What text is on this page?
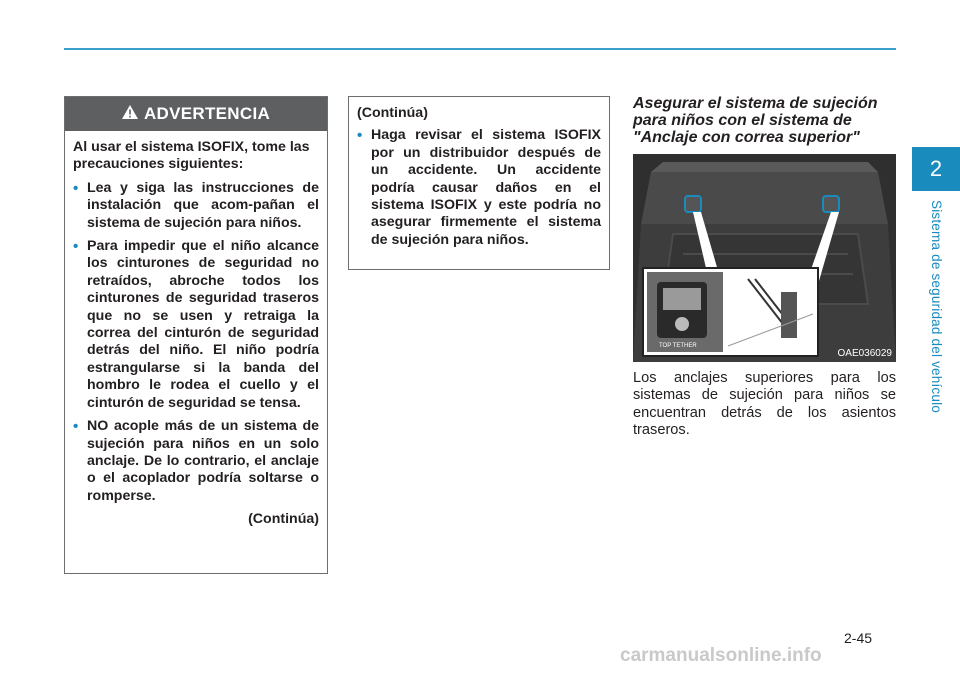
2
Sistema de seguridad del vehículo
ADVERTENCIA

Al usar el sistema ISOFIX, tome las precauciones siguientes:

• Lea y siga las instrucciones de instalación que acom-pañan el sistema de sujeción para niños.
• Para impedir que el niño alcance los cinturones de seguridad no retraídos, abroche todos los cinturones de seguridad traseros que no se usen y retraiga la correa del cinturón de seguridad detrás del niño. El niño podría estrangularse si la banda del hombro le rodea el cuello y el cinturón de seguridad se tensa.
• NO acople más de un sistema de sujeción para niños en un solo anclaje. De lo contrario, el anclaje o el acoplador podría soltarse o romperse.
(Continúa)

(Continúa)

• Haga revisar el sistema ISOFIX por un distribuidor después de un accidente. Un accidente podría causar daños en el sistema ISOFIX y este podría no asegurar firmemente el sistema de sujeción para niños.
Asegurar el sistema de sujeción para niños con el sistema de "Anclaje con correa superior"
TOP TETHER
OAE036029
Los anclajes superiores para los sistemas de sujeción para niños se encuentran detrás de los asientos traseros.
2-45
carmanualsonline.info
